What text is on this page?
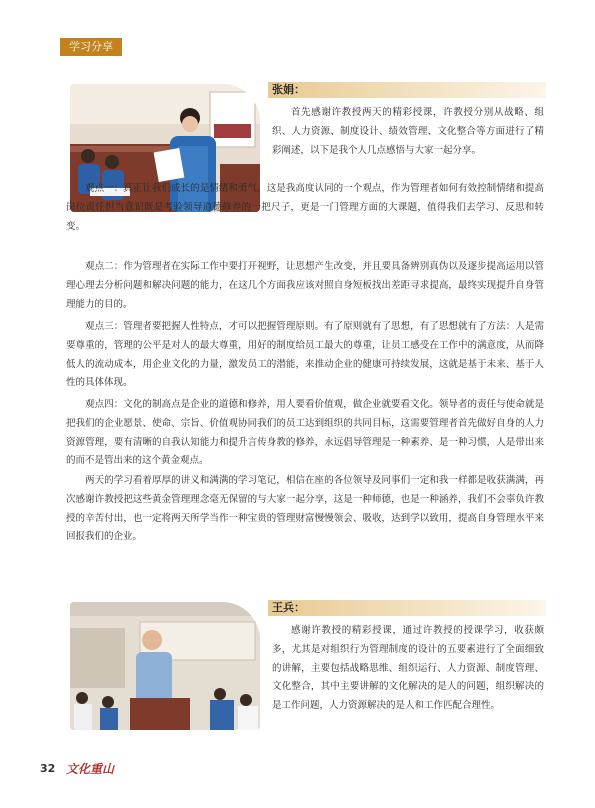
学习分享
张娟：

首先感谢许教授两天的精彩授课，许教授分别从战略、组织、人力资源、制度设计、绩效管理、文化整合等方面进行了精彩阐述，以下是我个人几点感悟与大家一起分享。

观点一：真正让我们成长的是情绪和勇气，这是我高度认同的一个观点，作为管理者如何有效控制情绪和提高岗位责任担当意识既是考验领导道德修养的一把尺子，更是一门管理方面的大课题，值得我们去学习、反思和转变。

观点二：作为管理者在实际工作中要打开视野，让思想产生改变，并且要具备辨别真伪以及逐步提高运用以管理心理去分析问题和解决问题的能力，在这几个方面我应该对照自身短板找出差距寻求提高，最终实现提升自身管理能力的目的。

观点三：管理者要把握人性特点，才可以把握管理原则。有了原则就有了思想，有了思想就有了方法：人是需要尊重的，管理的公平是对人的最大尊重，用好的制度给员工最大的尊重，让员工感受在工作中的满意度，从而降低人的流动成本，用企业文化的力量，激发员工的潜能，来推动企业的健康可持续发展，这就是基于未来、基于人性的具体体现。

观点四：文化的制高点是企业的道德和修养，用人要看价值观，做企业就要看文化。领导者的责任与使命就是把我们的企业愿景、使命、宗旨、价值观协同我们的员工达到组织的共同目标，这需要管理者首先做好自身的人力资源管理，要有清晰的自我认知能力和提升言传身教的修养，永远倡导管理是一种素养、是一种习惯，人是带出来的而不是管出来的这个黄金观点。

两天的学习看着厚厚的讲义和满满的学习笔记，相信在座的各位领导及同事们一定和我一样都是收获满满，再次感谢许教授把这些黄金管理理念毫无保留的与大家一起分享，这是一种师德，也是一种涵养，我们不会辜负许教授的辛苦付出，也一定将两天所学当作一种宝贵的管理财富慢慢领会、吸收，达到学以致用，提高自身管理水平来回报我们的企业。

王兵：

感谢许教授的精彩授课，通过许教授的授课学习，收获颇多，尤其是对组织行为管理制度的设计的五要素进行了全面细致的讲解，主要包括战略思维、组织运行、人力资源、制度管理、文化整合，其中主要讲解的文化解决的是人的问题，组织解决的是工作问题，人力资源解决的是人和工作匹配合理性。

32 文化重山
